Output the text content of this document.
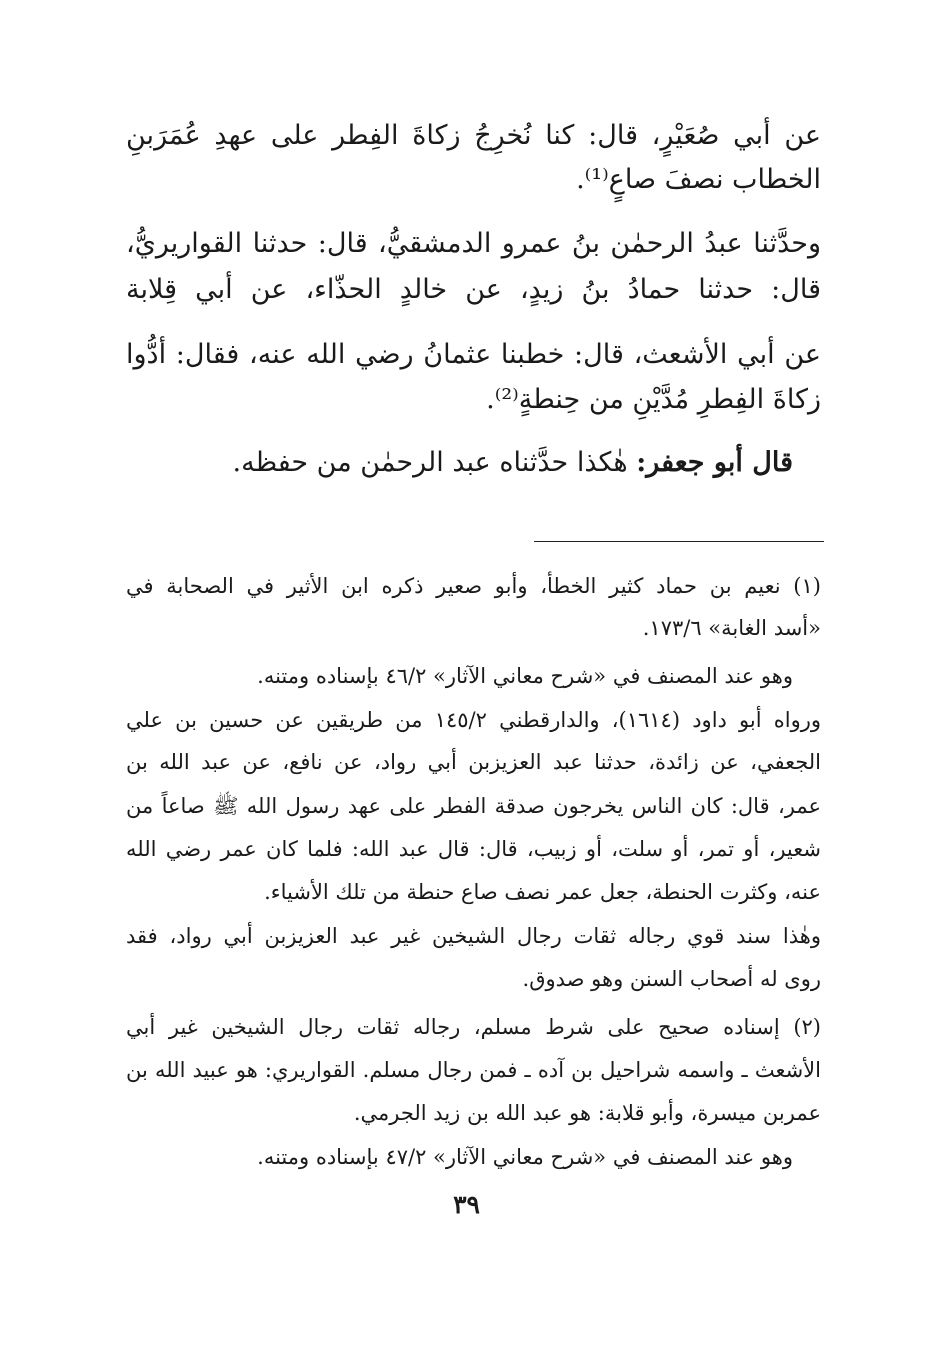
عن أبي صُعَيْرٍ، قال: كنا نُخرِجُ زكاةَ الفِطر على عهدِ عُمَرَبنِ
الخطاب نصفَ صاعٍ⁽¹⁾.
وحدَّثنا عبدُ الرحمٰن بنُ عمرو الدمشقيُّ، قال: حدثنا القواريريُّ،
قال: حدثنا حمادُ بنُ زيدٍ، عن خالدٍ الحذّاء، عن أبي قِلابة
عن أبي الأشعث، قال: خطبنا عثمانُ رضي الله عنه، فقال: أدُّوا
زكاةَ الفِطرِ مُدَّيْنِ من حِنطةٍ⁽²⁾.
قال أبو جعفر: هٰكذا حدَّثناه عبد الرحمٰن من حفظه.
(١) نعيم بن حماد كثير الخطأ، وأبو صعير ذكره ابن الأثير في الصحابة في
«أسد الغابة» ١٧٣/٦.
وهو عند المصنف في «شرح معاني الآثار» ٤٦/٢ بإسناده ومتنه.
ورواه أبو داود (١٦١٤)، والدارقطني ١٤٥/٢ من طريقين عن حسين بن علي
الجعفي، عن زائدة، حدثنا عبد العزيزبن أبي رواد، عن نافع، عن عبد الله بن
عمر، قال: كان الناس يخرجون صدقة الفطر على عهد رسول الله ﷺ صاعاً من
شعير، أو تمر، أو سلت، أو زبيب، قال: قال عبد الله: فلما كان عمر رضي الله
عنه، وكثرت الحنطة، جعل عمر نصف صاع حنطة من تلك الأشياء.
وهٰذا سند قوي رجاله ثقات رجال الشيخين غير عبد العزيزبن أبي رواد، فقد
روى له أصحاب السنن وهو صدوق.
(٢) إسناده صحيح على شرط مسلم، رجاله ثقات رجال الشيخين غير أبي
الأشعث ـ واسمه شراحيل بن آده ـ فمن رجال مسلم. القواريري: هو عبيد الله بن
عمربن ميسرة، وأبو قلابة: هو عبد الله بن زيد الجرمي.
وهو عند المصنف في «شرح معاني الآثار» ٤٧/٢ بإسناده ومتنه.
٣٩
